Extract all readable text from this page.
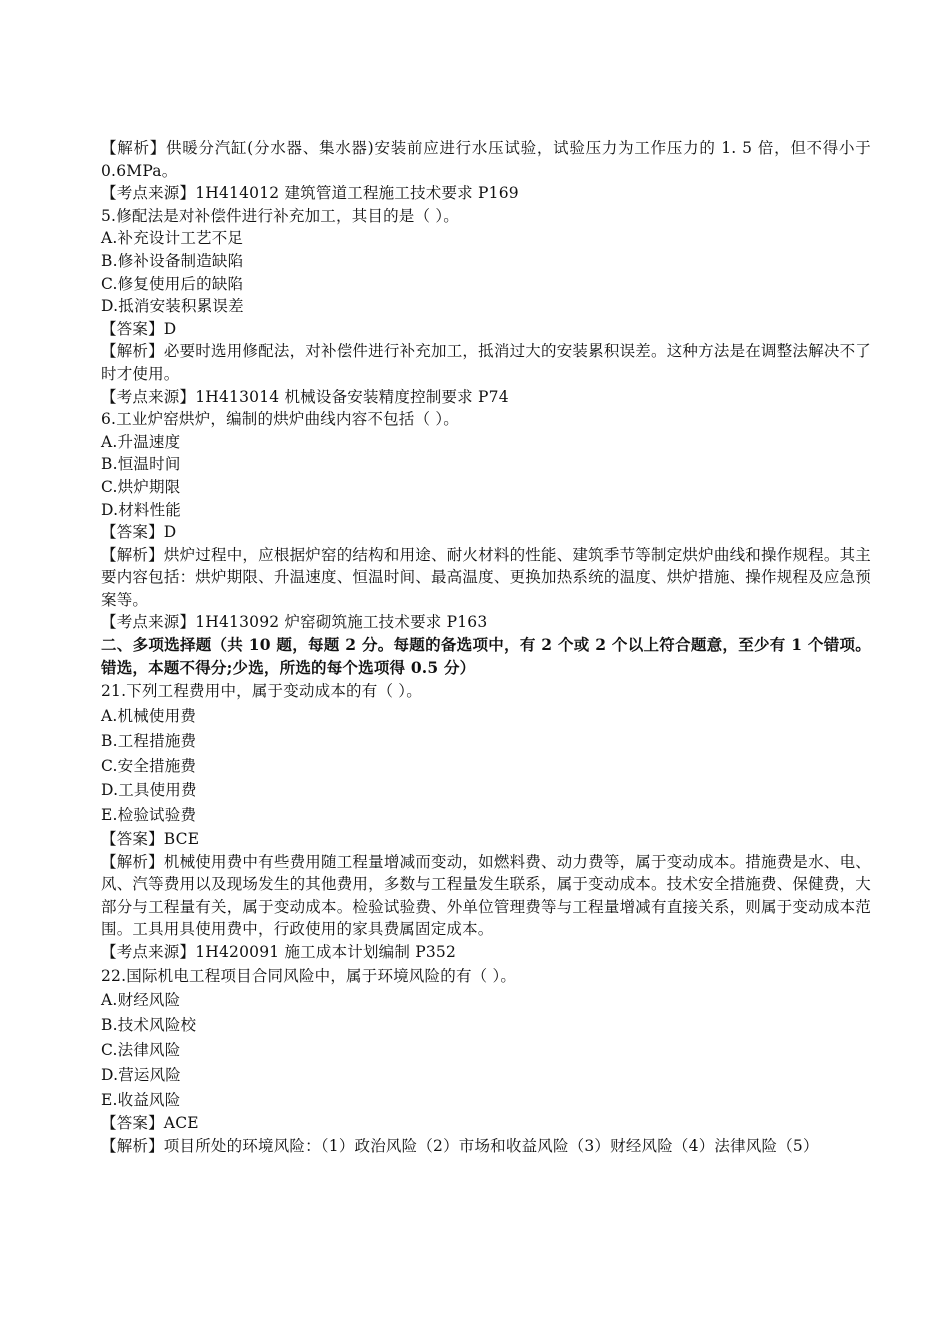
【解析】供暖分汽缸(分水器、集水器)安装前应进行水压试验，试验压力为工作压力的 1. 5 倍，但不得小于 0.6MPa。
【考点来源】1H414012 建筑管道工程施工技术要求 P169
5.修配法是对补偿件进行补充加工，其目的是（ ）。
A.补充设计工艺不足
B.修补设备制造缺陷
C.修复使用后的缺陷
D.抵消安装积累误差
【答案】D
【解析】必要时选用修配法，对补偿件进行补充加工，抵消过大的安装累积误差。这种方法是在调整法解决不了时才使用。
【考点来源】1H413014 机械设备安装精度控制要求 P74
6.工业炉窑烘炉，编制的烘炉曲线内容不包括（ ）。
A.升温速度
B.恒温时间
C.烘炉期限
D.材料性能
【答案】D
【解析】烘炉过程中，应根据炉窑的结构和用途、耐火材料的性能、建筑季节等制定烘炉曲线和操作规程。其主要内容包括：烘炉期限、升温速度、恒温时间、最高温度、更换加热系统的温度、烘炉措施、操作规程及应急预案等。
【考点来源】1H413092 炉窑砌筑施工技术要求 P163
二、多项选择题（共 10 题，每题 2 分。每题的备选项中，有 2 个或 2 个以上符合题意，至少有 1 个错项。错选，本题不得分;少选，所选的每个选项得 0.5 分）
21.下列工程费用中，属于变动成本的有（ ）。
A.机械使用费
B.工程措施费
C.安全措施费
D.工具使用费
E.检验试验费
【答案】BCE
【解析】机械使用费中有些费用随工程量增减而变动，如燃料费、动力费等，属于变动成本。措施费是水、电、风、汽等费用以及现场发生的其他费用，多数与工程量发生联系，属于变动成本。技术安全措施费、保健费，大部分与工程量有关，属于变动成本。检验试验费、外单位管理费等与工程量增减有直接关系，则属于变动成本范围。工具用具使用费中，行政使用的家具费属固定成本。
【考点来源】1H420091 施工成本计划编制 P352
22.国际机电工程项目合同风险中，属于环境风险的有（ ）。
A.财经风险
B.技术风险校
C.法律风险
D.营运风险
E.收益风险
【答案】ACE
【解析】项目所处的环境风险：（1）政治风险（2）市场和收益风险（3）财经风险（4）法律风险（5）
